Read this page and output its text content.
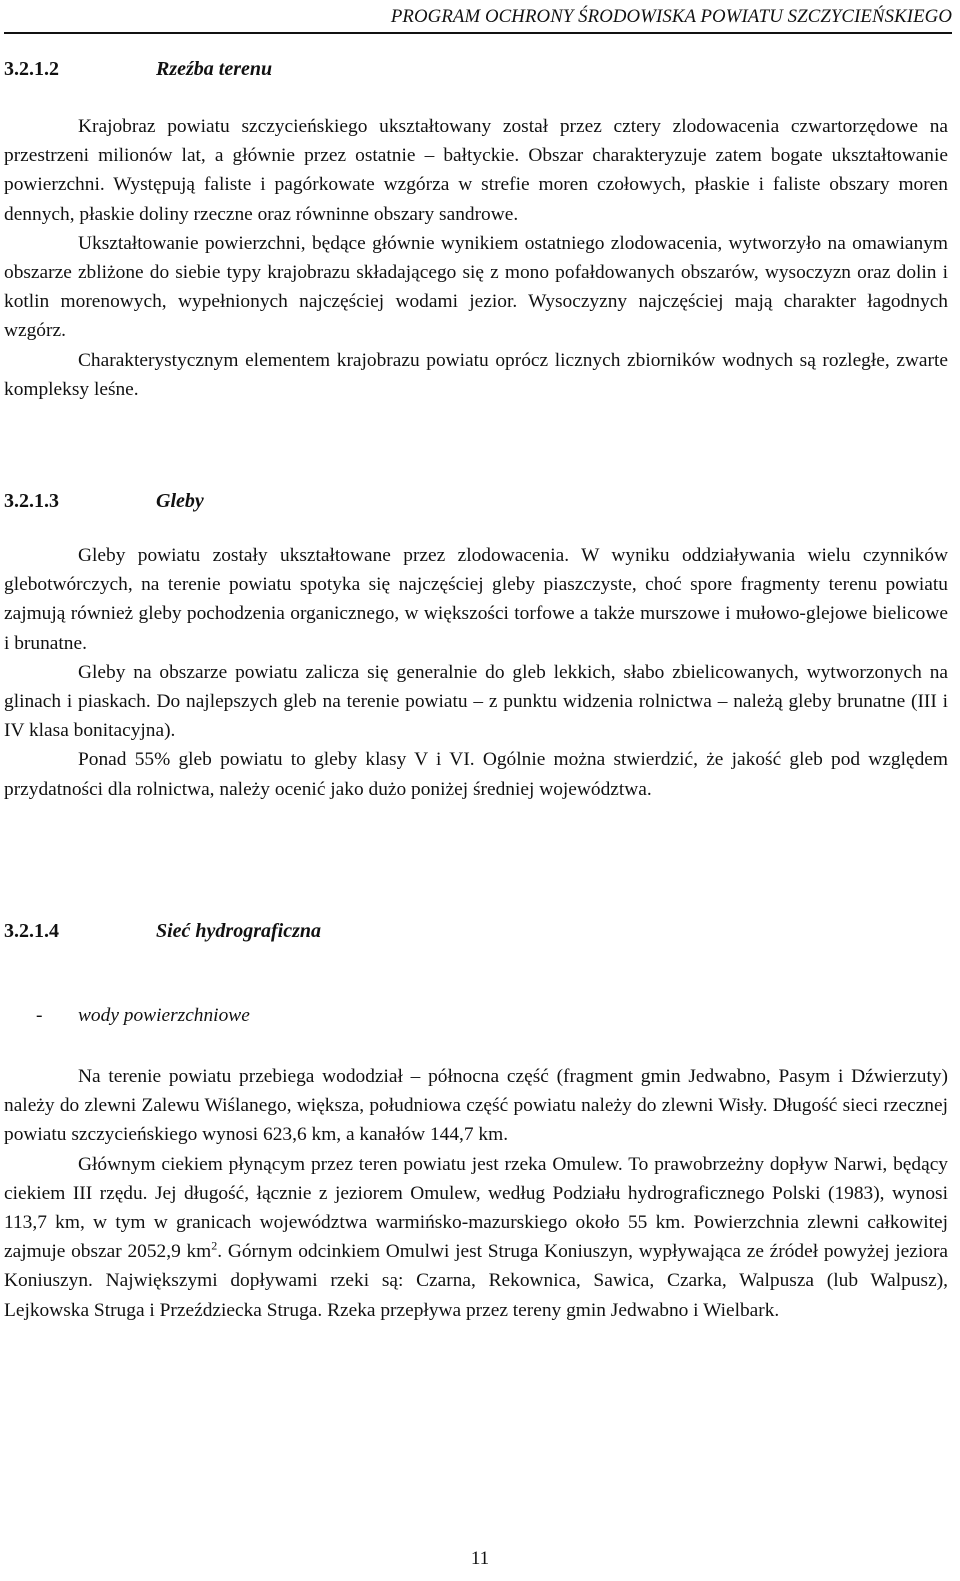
PROGRAM OCHRONY ŚRODOWISKA POWIATU SZCZYCIEŃSKIEGO
3.2.1.2	Rzeźba terenu

Krajobraz powiatu szczycieńskiego ukształtowany został przez cztery zlodowacenia czwartorzędowe na przestrzeni milionów lat, a głównie przez ostatnie – bałtyckie. Obszar charakteryzuje zatem bogate ukształtowanie powierzchni. Występują faliste i pagórkowate wzgórza w strefie moren czołowych, płaskie i faliste obszary moren dennych, płaskie doliny rzeczne oraz równinne obszary sandrowe.

Ukształtowanie powierzchni, będące głównie wynikiem ostatniego zlodowacenia, wytworzyło na omawianym obszarze zbliżone do siebie typy krajobrazu składającego się z mono pofałdowanych obszarów, wysoczyzn oraz dolin i kotlin morenowych, wypełnionych najczęściej wodami jezior. Wysoczyzny najczęściej mają charakter łagodnych wzgórz.

Charakterystycznym elementem krajobrazu powiatu oprócz licznych zbiorników wodnych są rozległe, zwarte kompleksy leśne.

3.2.1.3	Gleby

Gleby powiatu zostały ukształtowane przez zlodowacenia. W wyniku oddziaływania wielu czynników glebotwórczych, na terenie powiatu spotyka się najczęściej gleby piaszczyste, choć spore fragmenty terenu powiatu zajmują również gleby pochodzenia organicznego, w większości torfowe a także murszowe i mułowo-glejowe bielicowe i brunatne.

Gleby na obszarze powiatu zalicza się generalnie do gleb lekkich, słabo zbielicowanych, wytworzonych na glinach i piaskach. Do najlepszych gleb na terenie powiatu – z punktu widzenia rolnictwa – należą gleby brunatne (III i IV klasa bonitacyjna).

Ponad 55% gleb powiatu to gleby klasy V i VI. Ogólnie można stwierdzić, że jakość gleb pod względem przydatności dla rolnictwa, należy ocenić jako dużo poniżej średniej województwa.

3.2.1.4	Sieć hydrograficzna
- wody powierzchniowe

Na terenie powiatu przebiega wododział – północna część (fragment gmin Jedwabno, Pasym i Dźwierzuty) należy do zlewni Zalewu Wiślanego, większa, południowa część powiatu należy do zlewni Wisły. Długość sieci rzecznej powiatu szczycieńskiego wynosi 623,6 km, a kanałów 144,7 km.

Głównym ciekiem płynącym przez teren powiatu jest rzeka Omulew. To prawobrzeżny dopływ Narwi, będący ciekiem III rzędu. Jej długość, łącznie z jeziorem Omulew, według Podziału hydrograficznego Polski (1983), wynosi 113,7 km, w tym w granicach województwa warmińsko-mazurskiego około 55 km. Powierzchnia zlewni całkowitej zajmuje obszar 2052,9 $km^2$. Górnym odcinkiem Omulwi jest Struga Koniuszyn, wypływająca ze źródeł powyżej jeziora Koniuszyn. Największymi dopływami rzeki są: Czarna, Rekownica, Sawica, Czarka, Walpusza (lub Walpusz), Lejkowska Struga i Przeździecka Struga. Rzeka przepływa przez tereny gmin Jedwabno i Wielbark.

11
